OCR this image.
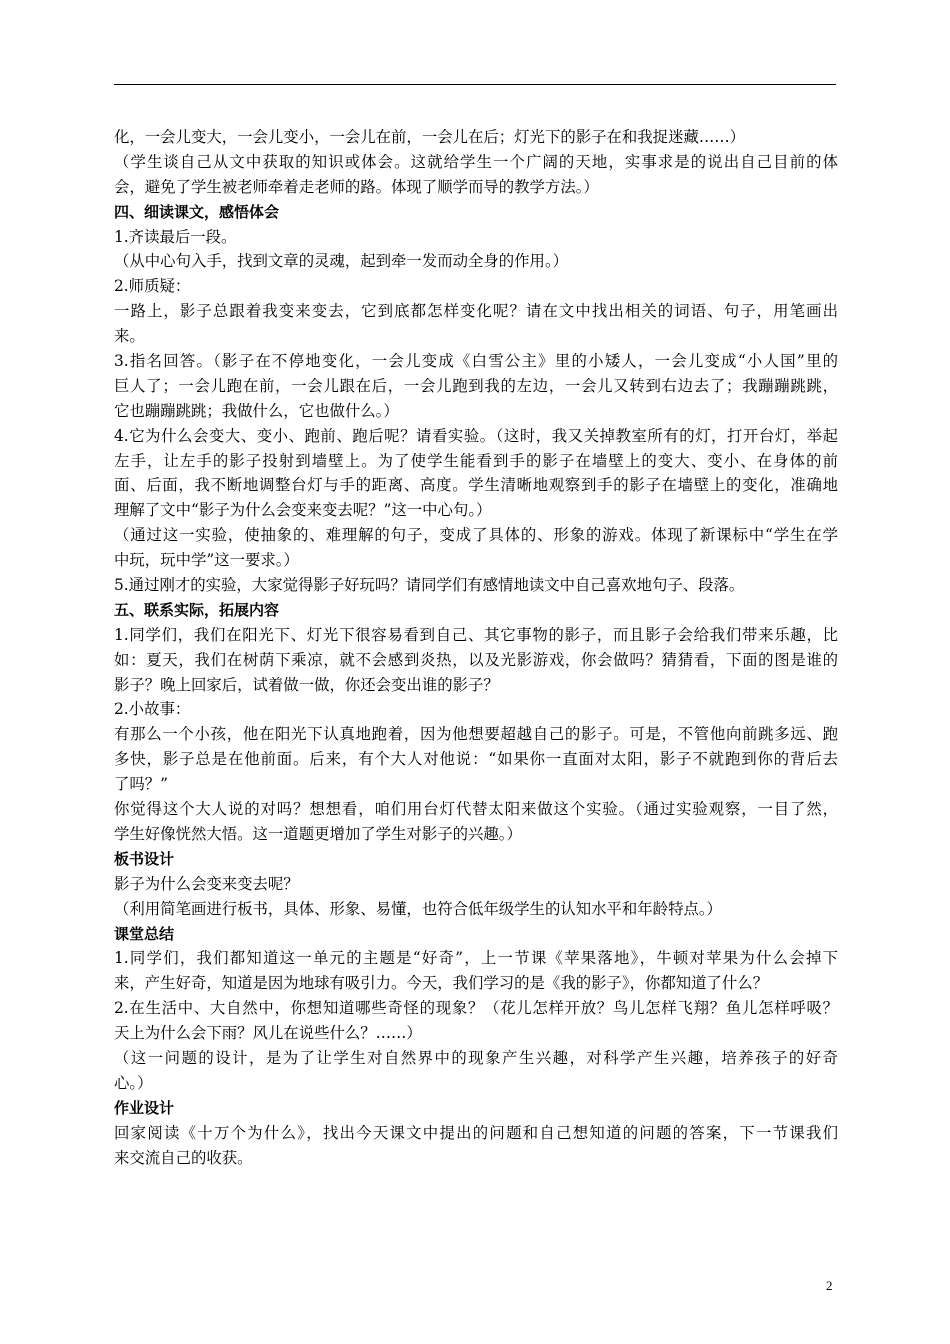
化，一会儿变大，一会儿变小，一会儿在前，一会儿在后；灯光下的影子在和我捉迷藏……）
（学生谈自己从文中获取的知识或体会。这就给学生一个广阔的天地，实事求是的说出自己目前的体
会，避免了学生被老师牵着走老师的路。体现了顺学而导的教学方法。）
四、细读课文，感悟体会
1.齐读最后一段。
（从中心句入手，找到文章的灵魂，起到牵一发而动全身的作用。）
2.师质疑：
一路上，影子总跟着我变来变去，它到底都怎样变化呢？请在文中找出相关的词语、句子，用笔画出
来。
3.指名回答。（影子在不停地变化，一会儿变成《白雪公主》里的小矮人，一会儿变成“小人国”里的
巨人了；一会儿跑在前，一会儿跟在后，一会儿跑到我的左边，一会儿又转到右边去了；我蹦蹦跳跳，
它也蹦蹦跳跳；我做什么，它也做什么。）
4.它为什么会变大、变小、跑前、跑后呢？请看实验。（这时，我又关掉教室所有的灯，打开台灯，举起
左手，让左手的影子投射到墙壁上。为了使学生能看到手的影子在墙壁上的变大、变小、在身体的前
面、后面，我不断地调整台灯与手的距离、高度。学生清晰地观察到手的影子在墙壁上的变化，准确地
理解了文中“影子为什么会变来变去呢？”这一中心句。）
（通过这一实验，使抽象的、难理解的句子，变成了具体的、形象的游戏。体现了新课标中“学生在学
中玩，玩中学”这一要求。）
5.通过刚才的实验，大家觉得影子好玩吗？请同学们有感情地读文中自己喜欢地句子、段落。
五、联系实际，拓展内容
1.同学们，我们在阳光下、灯光下很容易看到自己、其它事物的影子，而且影子会给我们带来乐趣，比
如：夏天，我们在树荫下乘凉，就不会感到炎热，以及光影游戏，你会做吗？猜猜看，下面的图是谁的
影子？晚上回家后，试着做一做，你还会变出谁的影子？
2.小故事：
有那么一个小孩，他在阳光下认真地跑着，因为他想要超越自己的影子。可是，不管他向前跳多远、跑
多快，影子总是在他前面。后来，有个大人对他说：“如果你一直面对太阳，影子不就跑到你的背后去
了吗？”
你觉得这个大人说的对吗？想想看，咱们用台灯代替太阳来做这个实验。（通过实验观察，一目了然，
学生好像恍然大悟。这一道题更增加了学生对影子的兴趣。）
板书设计
影子为什么会变来变去呢？
（利用简笔画进行板书，具体、形象、易懂，也符合低年级学生的认知水平和年龄特点。）
课堂总结
1.同学们，我们都知道这一单元的主题是“好奇”，上一节课《苹果落地》，牛顿对苹果为什么会掉下
来，产生好奇，知道是因为地球有吸引力。今天，我们学习的是《我的影子》，你都知道了什么？
2.在生活中、大自然中，你想知道哪些奇怪的现象？（花儿怎样开放？鸟儿怎样飞翔？鱼儿怎样呼吸？
天上为什么会下雨？风儿在说些什么？……）
（这一问题的设计，是为了让学生对自然界中的现象产生兴趣，对科学产生兴趣，培养孩子的好奇
心。）
作业设计
回家阅读《十万个为什么》，找出今天课文中提出的问题和自己想知道的问题的答案，下一节课我们
来交流自己的收获。
2
